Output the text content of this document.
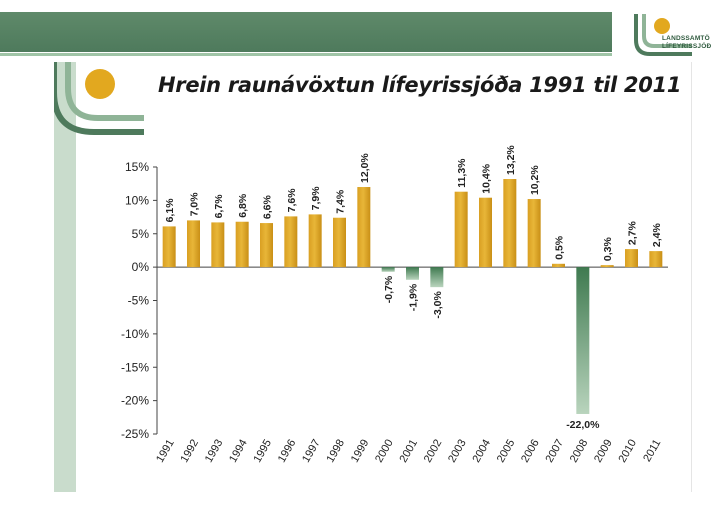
LANDSSAMTÖ
LÍFEYRISSJÓÐ
Hrein raunávöxtun lífeyrissjóða 1991 til 2011
15%
10%
5%
0%
-5%
-10%
-15%
-20%
-25%
6,1%
1991
7,0%
1992
6,7%
1993
6,8%
1994
6,6%
1995
7,6%
1996
7,9%
1997
7,4%
1998
12,0%
1999
-0,7%
2000
-1,9%
2001
-3,0%
2002
11,3%
2003
10,4%
2004
13,2%
2005
10,2%
2006
0,5%
2007
-22,0%
2008
0,3%
2009
2,7%
2010
2,4%
2011
